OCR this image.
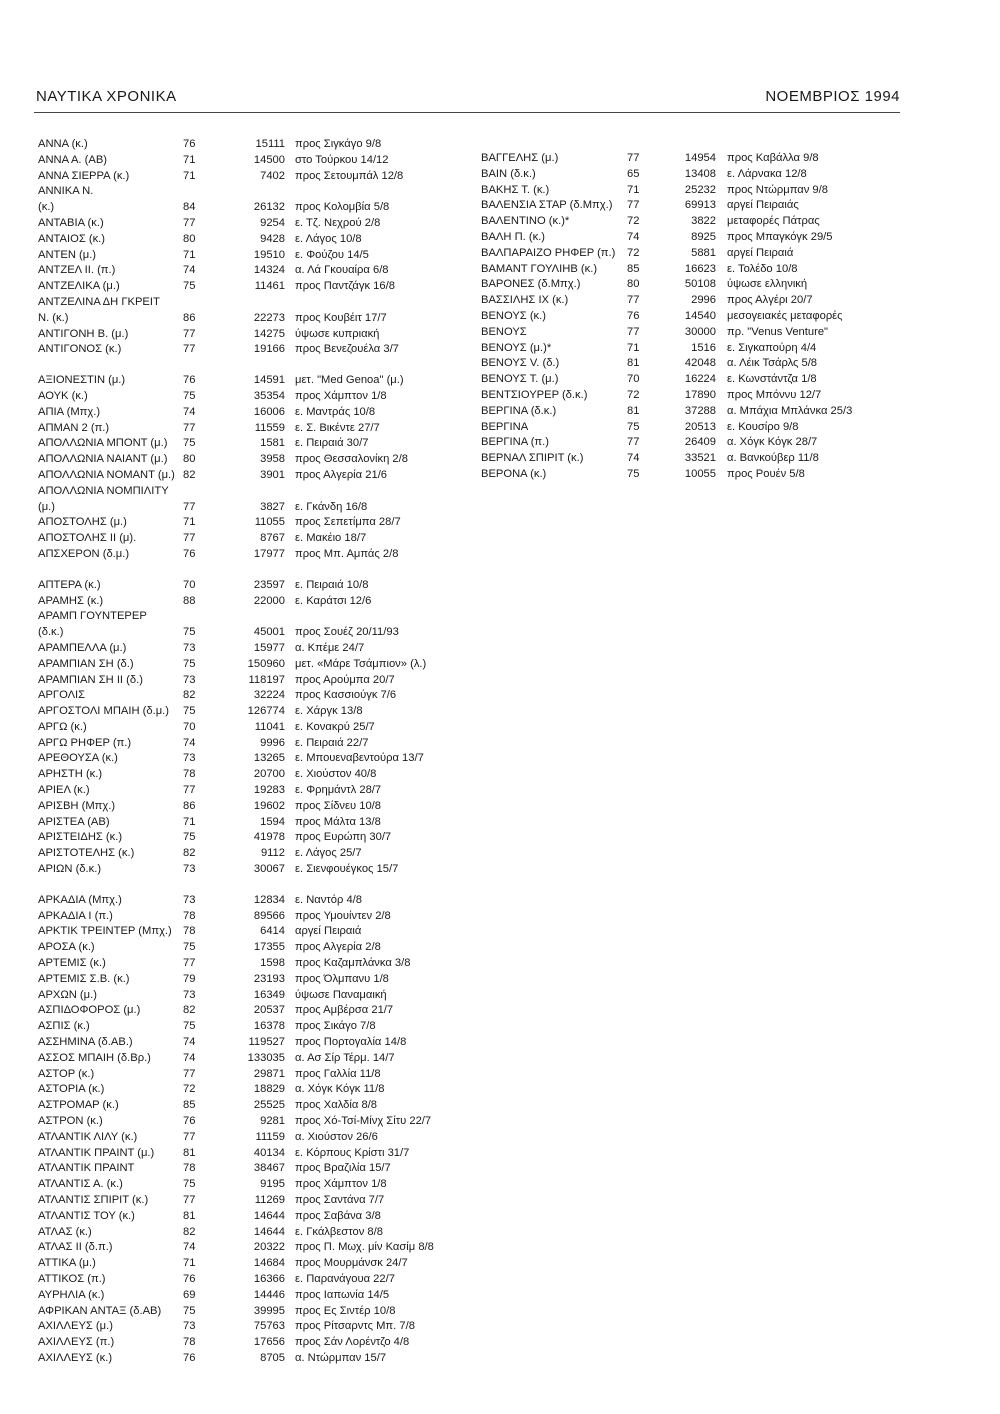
ΝΑΥΤΙΚΑ ΧΡΟΝΙΚΑ	ΝΟΕΜΒΡΙΟΣ 1994
ΑΝΝΑ (κ.)	76	15111 προς Σιγκάγο 9/8
ΑΝΝΑ Α. (ΑΒ)	71	14500 στο Τούρκου 14/12
ΑΝΝΑ ΣΙΕΡΡΑ (κ.)	71	7402 προς Σετουμπάλ 12/8
ΑΝΝΙΚΑ Ν.
(κ.)	84	26132 προς Κολομβία 5/8
ΑΝΤΑΒΙΑ (κ.)	77	9254 ε. Τζ. Νεχρού 2/8
ΑΝΤΑΙΟΣ (κ.)	80	9428 ε. Λάγος 10/8
ΑΝΤΕΝ (μ.)	71	19510 ε. Φούζου 14/5
ΑΝΤΖΕΛ ΙΙ. (π.)	74	14324 α. Λά Γκουαίρα 6/8
ΑΝΤΖΕΛΙΚΑ (μ.)	75	11461 προς Παντζάγκ 16/8
ΑΝΤΖΕΛΙΝΑ ΔΗ ΓΚΡΕΙΤ
Ν. (κ.)	86	22273 προς Κουβέιτ 17/7
ΑΝΤΙΓΟΝΗ Β. (μ.)	77	14275 ύψωσε κυπριακή
ΑΝΤΙΓΟΝΟΣ (κ.)	77	19166 προς Βενεζουέλα 3/7
ΑΞΙΟΝΕΣΤΙΝ (μ.)	76	14591 μετ. "Med Genoa" (μ.)
ΑΟΥΚ (κ.)	75	35354 προς Χάμπτον 1/8
ΑΠΙΑ (Μπχ.)	74	16006 ε. Μαντράς 10/8
ΑΠΜΑΝ 2 (π.)	77	11559 ε. Σ. Βικέντε 27/7
ΑΠΟΛΛΩΝΙΑ ΜΠΟΝΤ (μ.) 75	1581 ε. Πειραιά 30/7
ΑΠΟΛΛΩΝΙΑ ΝΑΙΑΝΤ (μ.) 80	3958 προς Θεσσαλονίκη 2/8
ΑΠΟΛΛΩΝΙΑ ΝΟΜΑΝΤ (μ.) 82	3901 προς Αλγερία 21/6
ΑΠΟΛΛΩΝΙΑ ΝΟΜΠΙΛΙΤΥ
(μ.)	77	3827 ε. Γκάνδη 16/8
ΑΠΟΣΤΟΛΗΣ (μ.)	71	11055 προς Σεπετίμπα 28/7
ΑΠΟΣΤΟΛΗΣ ΙΙ (μ).	77	8767 ε. Μακέιο 18/7
ΑΠΣΧΕΡΟΝ (δ.μ.)	76	17977 προς Μπ. Αμπάς 2/8
ΑΠΤΕΡΑ (κ.)	70	23597 ε. Πειραιά 10/8
ΑΡΑΜΗΣ (κ.)	88	22000 ε. Καράτσι 12/6
ΑΡΑΜΠ ΓΟΥΝΤΕΡΕΡ
(δ.κ.)	75	45001 προς Σουέζ 20/11/93
ΑΡΑΜΠΕΛΛΑ (μ.)	73	15977 α. Κπέμε 24/7
ΑΡΑΜΠΙΑΝ ΣΗ (δ.)	75	150960 μετ. «Μάρε Τσάμπιον» (λ.)
ΑΡΑΜΠΙΑΝ ΣΗ ΙΙ (δ.)	73	118197 προς Αρούμπα 20/7
ΑΡΓΟΛΙΣ	82	32224 προς Κασσιούγκ 7/6
ΑΡΓΟΣΤΟΛΙ ΜΠΑΙΗ (δ.μ.) 75	126774 ε. Χάργκ 13/8
ΑΡΓΩ (κ.)	70	11041 ε. Κονακρύ 25/7
ΑΡΓΩ ΡΗΦΕΡ (π.)	74	9996 ε. Πειραιά 22/7
ΑΡΕΘΟΥΣΑ (κ.)	73	13265 ε. Μπουεναβεντούρα 13/7
ΑΡΗΣΤΗ (κ.)	78	20700 ε. Χιούστον 40/8
ΑΡΙΕΛ (κ.)	77	19283 ε. Φρημάντλ 28/7
ΑΡΙΣΒΗ (Μπχ.)	86	19602 προς Σίδνευ 10/8
ΑΡΙΣΤΕΑ (ΑΒ)	71	1594 προς Μάλτα 13/8
ΑΡΙΣΤΕΙΔΗΣ (κ.)	75	41978 προς Ευρώπη 30/7
ΑΡΙΣΤΟΤΕΛΗΣ (κ.)	82	9112 ε. Λάγος 25/7
ΑΡΙΩΝ (δ.κ.)	73	30067 ε. Σιενφουέγκος 15/7
ΑΡΚΑΔΙΑ (Μπχ.)	73	12834 ε. Ναντόρ 4/8
ΑΡΚΑΔΙΑ Ι (π.)	78	89566 προς Υμουίντεν 2/8
ΑΡΚΤΙΚ ΤΡΕΙΝΤΕΡ (Μπχ.) 78	6414 αργεί Πειραιά
ΑΡΟΣΑ (κ.)	75	17355 προς Αλγερία 2/8
ΑΡΤΕΜΙΣ (κ.)	77	1598 προς Καζαμπλάνκα 3/8
ΑΡΤΕΜΙΣ Σ.Β. (κ.)	79	23193 προς Όλμπανυ 1/8
ΑΡΧΩΝ (μ.)	73	16349 ύψωσε Παναμαική
ΑΣΠΙΔΟΦΟΡΟΣ (μ.)	82	20537 προς Αμβέρσα 21/7
ΑΣΠΙΣ (κ.)	75	16378 προς Σικάγο 7/8
ΑΣΣΗΜΙΝΑ (δ.ΑΒ.)	74	119527 προς Πορτογαλία 14/8
ΑΣΣΟΣ ΜΠΑΙΗ (δ.Βρ.)	74	133035 α. Ασ Σίρ Τέρμ. 14/7
ΑΣΤΟΡ (κ.)	77	29871 προς Γαλλία 11/8
ΑΣΤΟΡΙΑ (κ.)	72	18829 α. Χόγκ Κόγκ 11/8
ΑΣΤΡΟΜΑΡ (κ.)	85	25525 προς Χαλδία 8/8
ΑΣΤΡΟΝ (κ.)	76	9281 προς Χό-Τσί-Μίνχ Σίτυ 22/7
ΑΤΛΑΝΤΙΚ ΛΙΛΥ (κ.)	77	11159 α. Χιούστον 26/6
ΑΤΛΑΝΤΙΚ ΠΡΑΙΝΤ (μ.)	81	40134 ε. Κόρπους Κρίστι 31/7
ΑΤΛΑΝΤΙΚ ΠΡΑΙΝΤ	78	38467 προς Βραζιλία 15/7
ΑΤΛΑΝΤΙΣ Α. (κ.)	75	9195 προς Χάμπτον 1/8
ΑΤΛΑΝΤΙΣ ΣΠΙΡΙΤ (κ.)	77	11269 προς Σαντάνα 7/7
ΑΤΛΑΝΤΙΣ ΤΟΥ (κ.)	81	14644 προς Σαβάνα 3/8
ΑΤΛΑΣ (κ.)	82	14644 ε. Γκάλβεστον 8/8
ΑΤΛΑΣ ΙΙ (δ.π.)	74	20322 προς Π. Μωχ. μίν Κασίμ 8/8
ΑΤΤΙΚΑ (μ.)	71	14684 προς Μουρμάνσκ 24/7
ΑΤΤΙΚΟΣ (π.)	76	16366 ε. Παρανάγουα 22/7
ΑΥΡΗΛΙΑ (κ.)	69	14446 προς Ιαπωνία 14/5
ΑΦΡΙΚΑΝ ΑΝΤΑΞ (δ.ΑΒ) 75	39995 προς Ες Σιντέρ 10/8
ΑΧΙΛΛΕΥΣ (μ.)	73	75763 προς Ρίτσαρντς Μπ. 7/8
ΑΧΙΛΛΕΥΣ (π.)	78	17656 προς Σάν Λορέντζο 4/8
ΑΧΙΛΛΕΥΣ (κ.)	76	8705 α. Ντώρμπαν 15/7
ΒΑΓΓΕΛΗΣ (μ.)	77	14954 προς Καβάλλα 9/8
ΒΑΙΝ (δ.κ.)	65	13408 ε. Λάρνακα 12/8
ΒΑΚΗΣ Τ. (κ.)	71	25232 προς Ντώρμπαν 9/8
ΒΑΛΕΝΣΙΑ ΣΤΑΡ (δ.Μπχ.) 77	69913 αργεί Πειραιάς
ΒΑΛΕΝΤΙΝΟ (κ.)*	72	3822 μεταφορές Πάτρας
ΒΑΛΗ Π. (κ.)	74	8925 προς Μπαγκόγκ 29/5
ΒΑΛΠΑΡΑΙΖΟ ΡΗΦΕΡ (π.) 72	5881 αργεί Πειραιά
ΒΑΜΑΝΤ ΓΟΥΛΙΗΒ (κ.)	85	16623 ε. Τολέδο 10/8
ΒΑΡΟΝΕΣ (δ.Μπχ.)	80	50108 ύψωσε ελληνική
ΒΑΣΣΙΛΗΣ ΙΧ (κ.)	77	2996 προς Αλγέρι 20/7
ΒΕΝΟΥΣ (κ.)	76	14540 μεσογειακές μεταφορές
ΒΕΝΟΥΣ	77	30000 πρ. "Venus Venture"
ΒΕΝΟΥΣ (μ.)*	71	1516 ε. Σιγκαπούρη 4/4
ΒΕΝΟΥΣ V. (δ.)	81	42048 α. Λέικ Τσάρλς 5/8
ΒΕΝΟΥΣ Τ. (μ.)	70	16224 ε. Κωνστάντζα 1/8
ΒΕΝΤΣΙΟΥΡΕΡ (δ.κ.)	72	17890 προς Μπόννυ 12/7
ΒΕΡΓΙΝΑ (δ.κ.)	81	37288 α. Μπάχια Μπλάνκα 25/3
ΒΕΡΓΙΝΑ	75	20513 ε. Κουσίρο 9/8
ΒΕΡΓΙΝΑ (π.)	77	26409 α. Χόγκ Κόγκ 28/7
ΒΕΡΝΑΛ ΣΠΙΡΙΤ (κ.)	74	33521 α. Βανκούβερ 11/8
ΒΕΡΟΝΑ (κ.)	75	10055 προς Ρουέν 5/8
